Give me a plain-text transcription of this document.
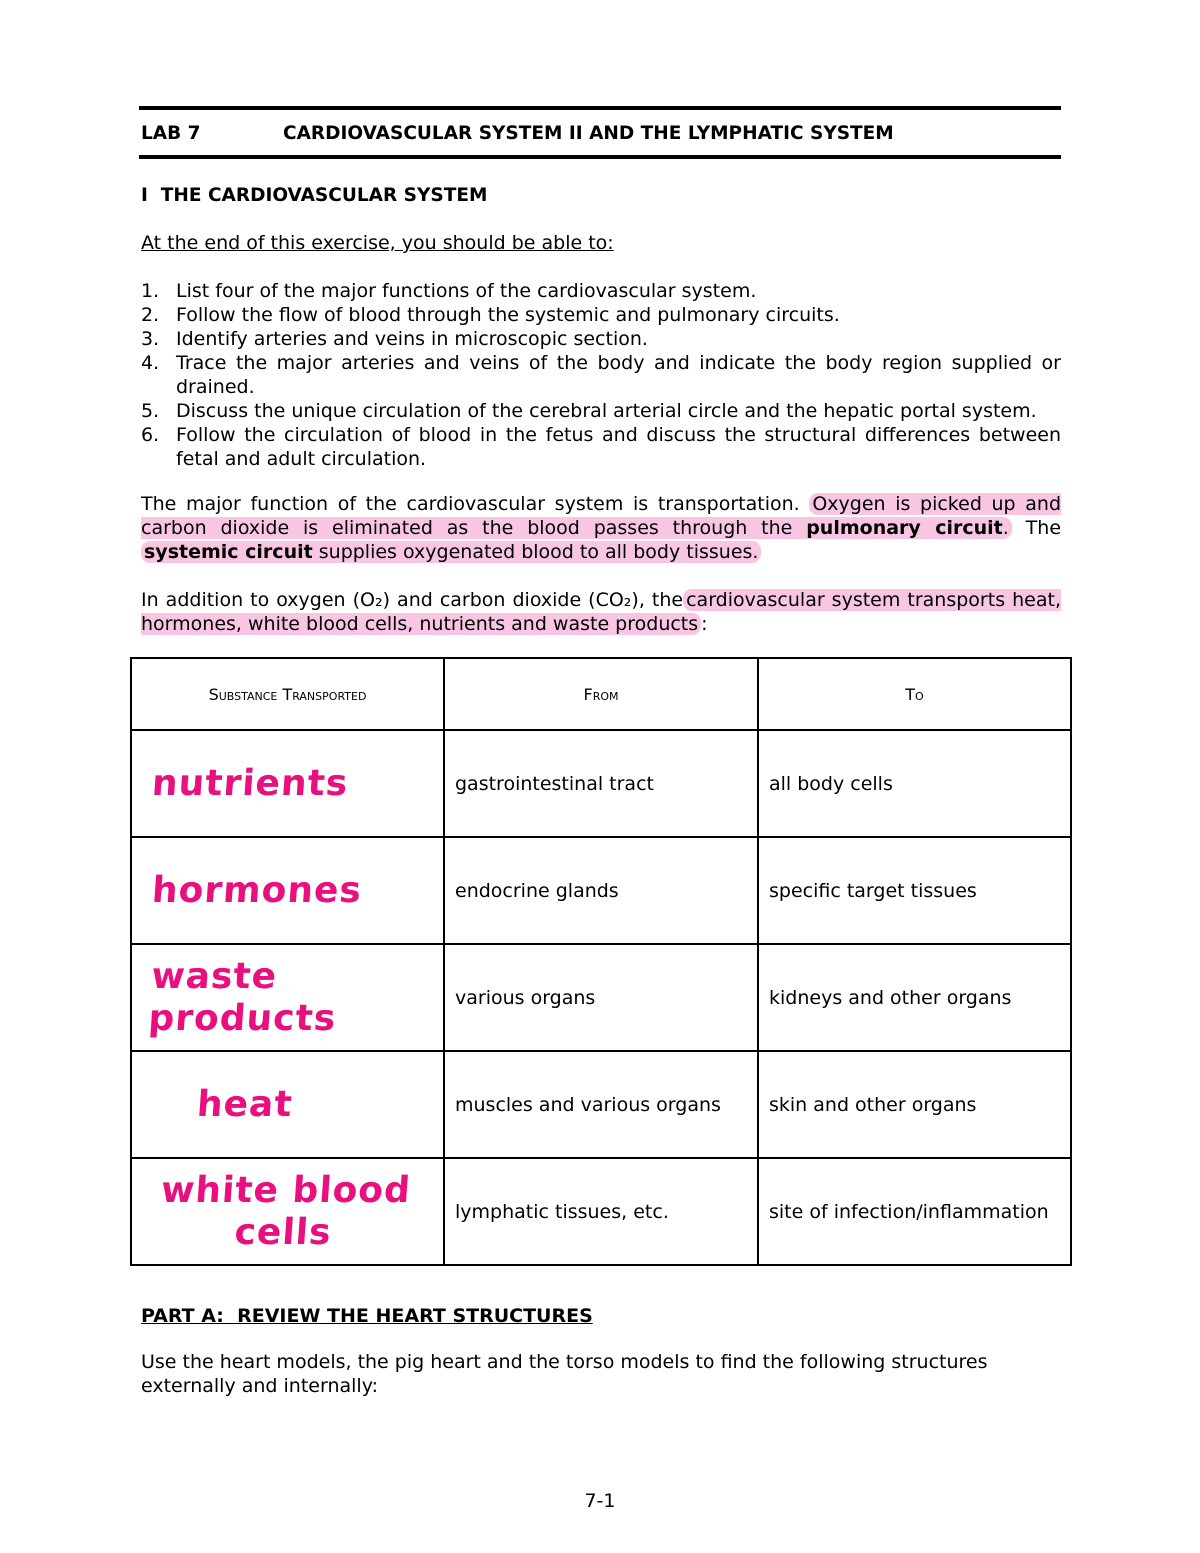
LAB 7	CARDIOVASCULAR SYSTEM II AND THE LYMPHATIC SYSTEM
I  THE CARDIOVASCULAR SYSTEM
At the end of this exercise, you should be able to:
1. List four of the major functions of the cardiovascular system.
2. Follow the flow of blood through the systemic and pulmonary circuits.
3. Identify arteries and veins in microscopic section.
4. Trace the major arteries and veins of the body and indicate the body region supplied or drained.
5. Discuss the unique circulation of the cerebral arterial circle and the hepatic portal system.
6. Follow the circulation of blood in the fetus and discuss the structural differences between fetal and adult circulation.
The major function of the cardiovascular system is transportation. Oxygen is picked up and carbon dioxide is eliminated as the blood passes through the pulmonary circuit. The systemic circuit supplies oxygenated blood to all body tissues.
In addition to oxygen (O₂) and carbon dioxide (CO₂), the cardiovascular system transports heat, hormones, white blood cells, nutrients and waste products :
Substance Transported	From	To
nutrients	gastrointestinal tract	all body cells
hormones	endocrine glands	specific target tissues
waste products	various organs	kidneys and other organs
heat	muscles and various organs	skin and other organs
white blood cells	lymphatic tissues, etc.	site of infection/inflammation
PART A:  REVIEW THE HEART STRUCTURES
Use the heart models, the pig heart and the torso models to find the following structures externally and internally:
7-1
